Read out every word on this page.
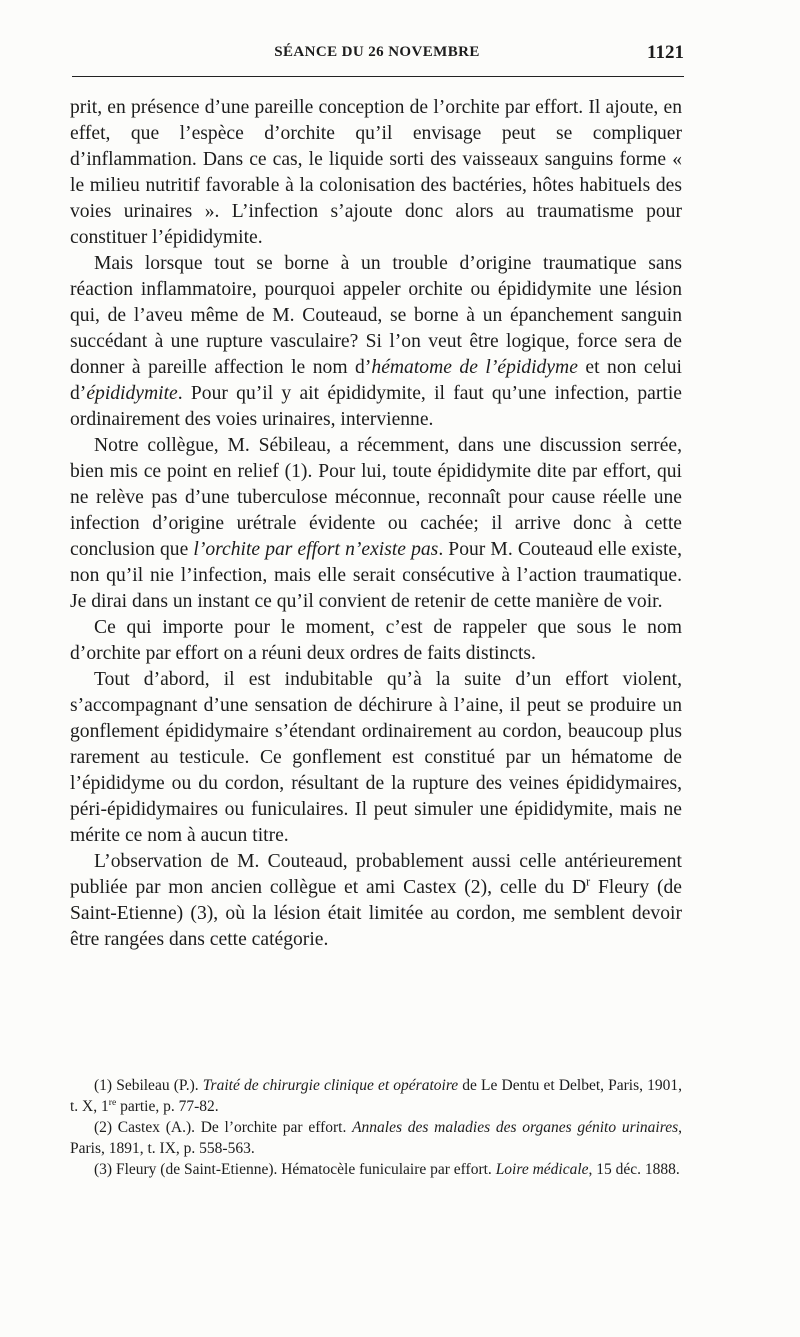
SÉANCE DU 26 NOVEMBRE	1121

prit, en présence d’une pareille conception de l’orchite par effort. Il ajoute, en effet, que l’espèce d’orchite qu’il envisage peut se compliquer d’inflammation. Dans ce cas, le liquide sorti des vaisseaux sanguins forme « le milieu nutritif favorable à la colonisation des bactéries, hôtes habituels des voies urinaires ». L’infection s’ajoute donc alors au traumatisme pour constituer l’épididymite.

Mais lorsque tout se borne à un trouble d’origine traumatique sans réaction inflammatoire, pourquoi appeler orchite ou épididymite une lésion qui, de l’aveu même de M. Couteaud, se borne à un épanchement sanguin succédant à une rupture vasculaire? Si l’on veut être logique, force sera de donner à pareille affection le nom d’hématome de l’épididyme et non celui d’épididymite. Pour qu’il y ait épididymite, il faut qu’une infection, partie ordinairement des voies urinaires, intervienne.

Notre collègue, M. Sébileau, a récemment, dans une discussion serrée, bien mis ce point en relief (1). Pour lui, toute épididymite dite par effort, qui ne relève pas d’une tuberculose méconnue, reconnaît pour cause réelle une infection d’origine urétrale évidente ou cachée; il arrive donc à cette conclusion que l’orchite par effort n’existe pas. Pour M. Couteaud elle existe, non qu’il nie l’infection, mais elle serait consécutive à l’action traumatique. Je dirai dans un instant ce qu’il convient de retenir de cette manière de voir.

Ce qui importe pour le moment, c’est de rappeler que sous le nom d’orchite par effort on a réuni deux ordres de faits distincts.

Tout d’abord, il est indubitable qu’à la suite d’un effort violent, s’accompagnant d’une sensation de déchirure à l’aine, il peut se produire un gonflement épididymaire s’étendant ordinairement au cordon, beaucoup plus rarement au testicule. Ce gonflement est constitué par un hématome de l’épididyme ou du cordon, résultant de la rupture des veines épididymaires, péri-épididymaires ou funiculaires. Il peut simuler une épididymite, mais ne mérite ce nom à aucun titre.

L’observation de M. Couteaud, probablement aussi celle antérieurement publiée par mon ancien collègue et ami Castex (2), celle du $D^r$ Fleury (de Saint-Etienne) (3), où la lésion était limitée au cordon, me semblent devoir être rangées dans cette catégorie.

(1) Sebileau (P.). Traité de chirurgie clinique et opératoire de Le Dentu et Delbet, Paris, 1901, t. X, 1re partie, p. 77-82.

(2) Castex (A.). De l’orchite par effort. Annales des maladies des organes génito urinaires, Paris, 1891, t. IX, p. 558-563.

(3) Fleury (de Saint-Etienne). Hématocèle funiculaire par effort. Loire médicale, 15 déc. 1888.
